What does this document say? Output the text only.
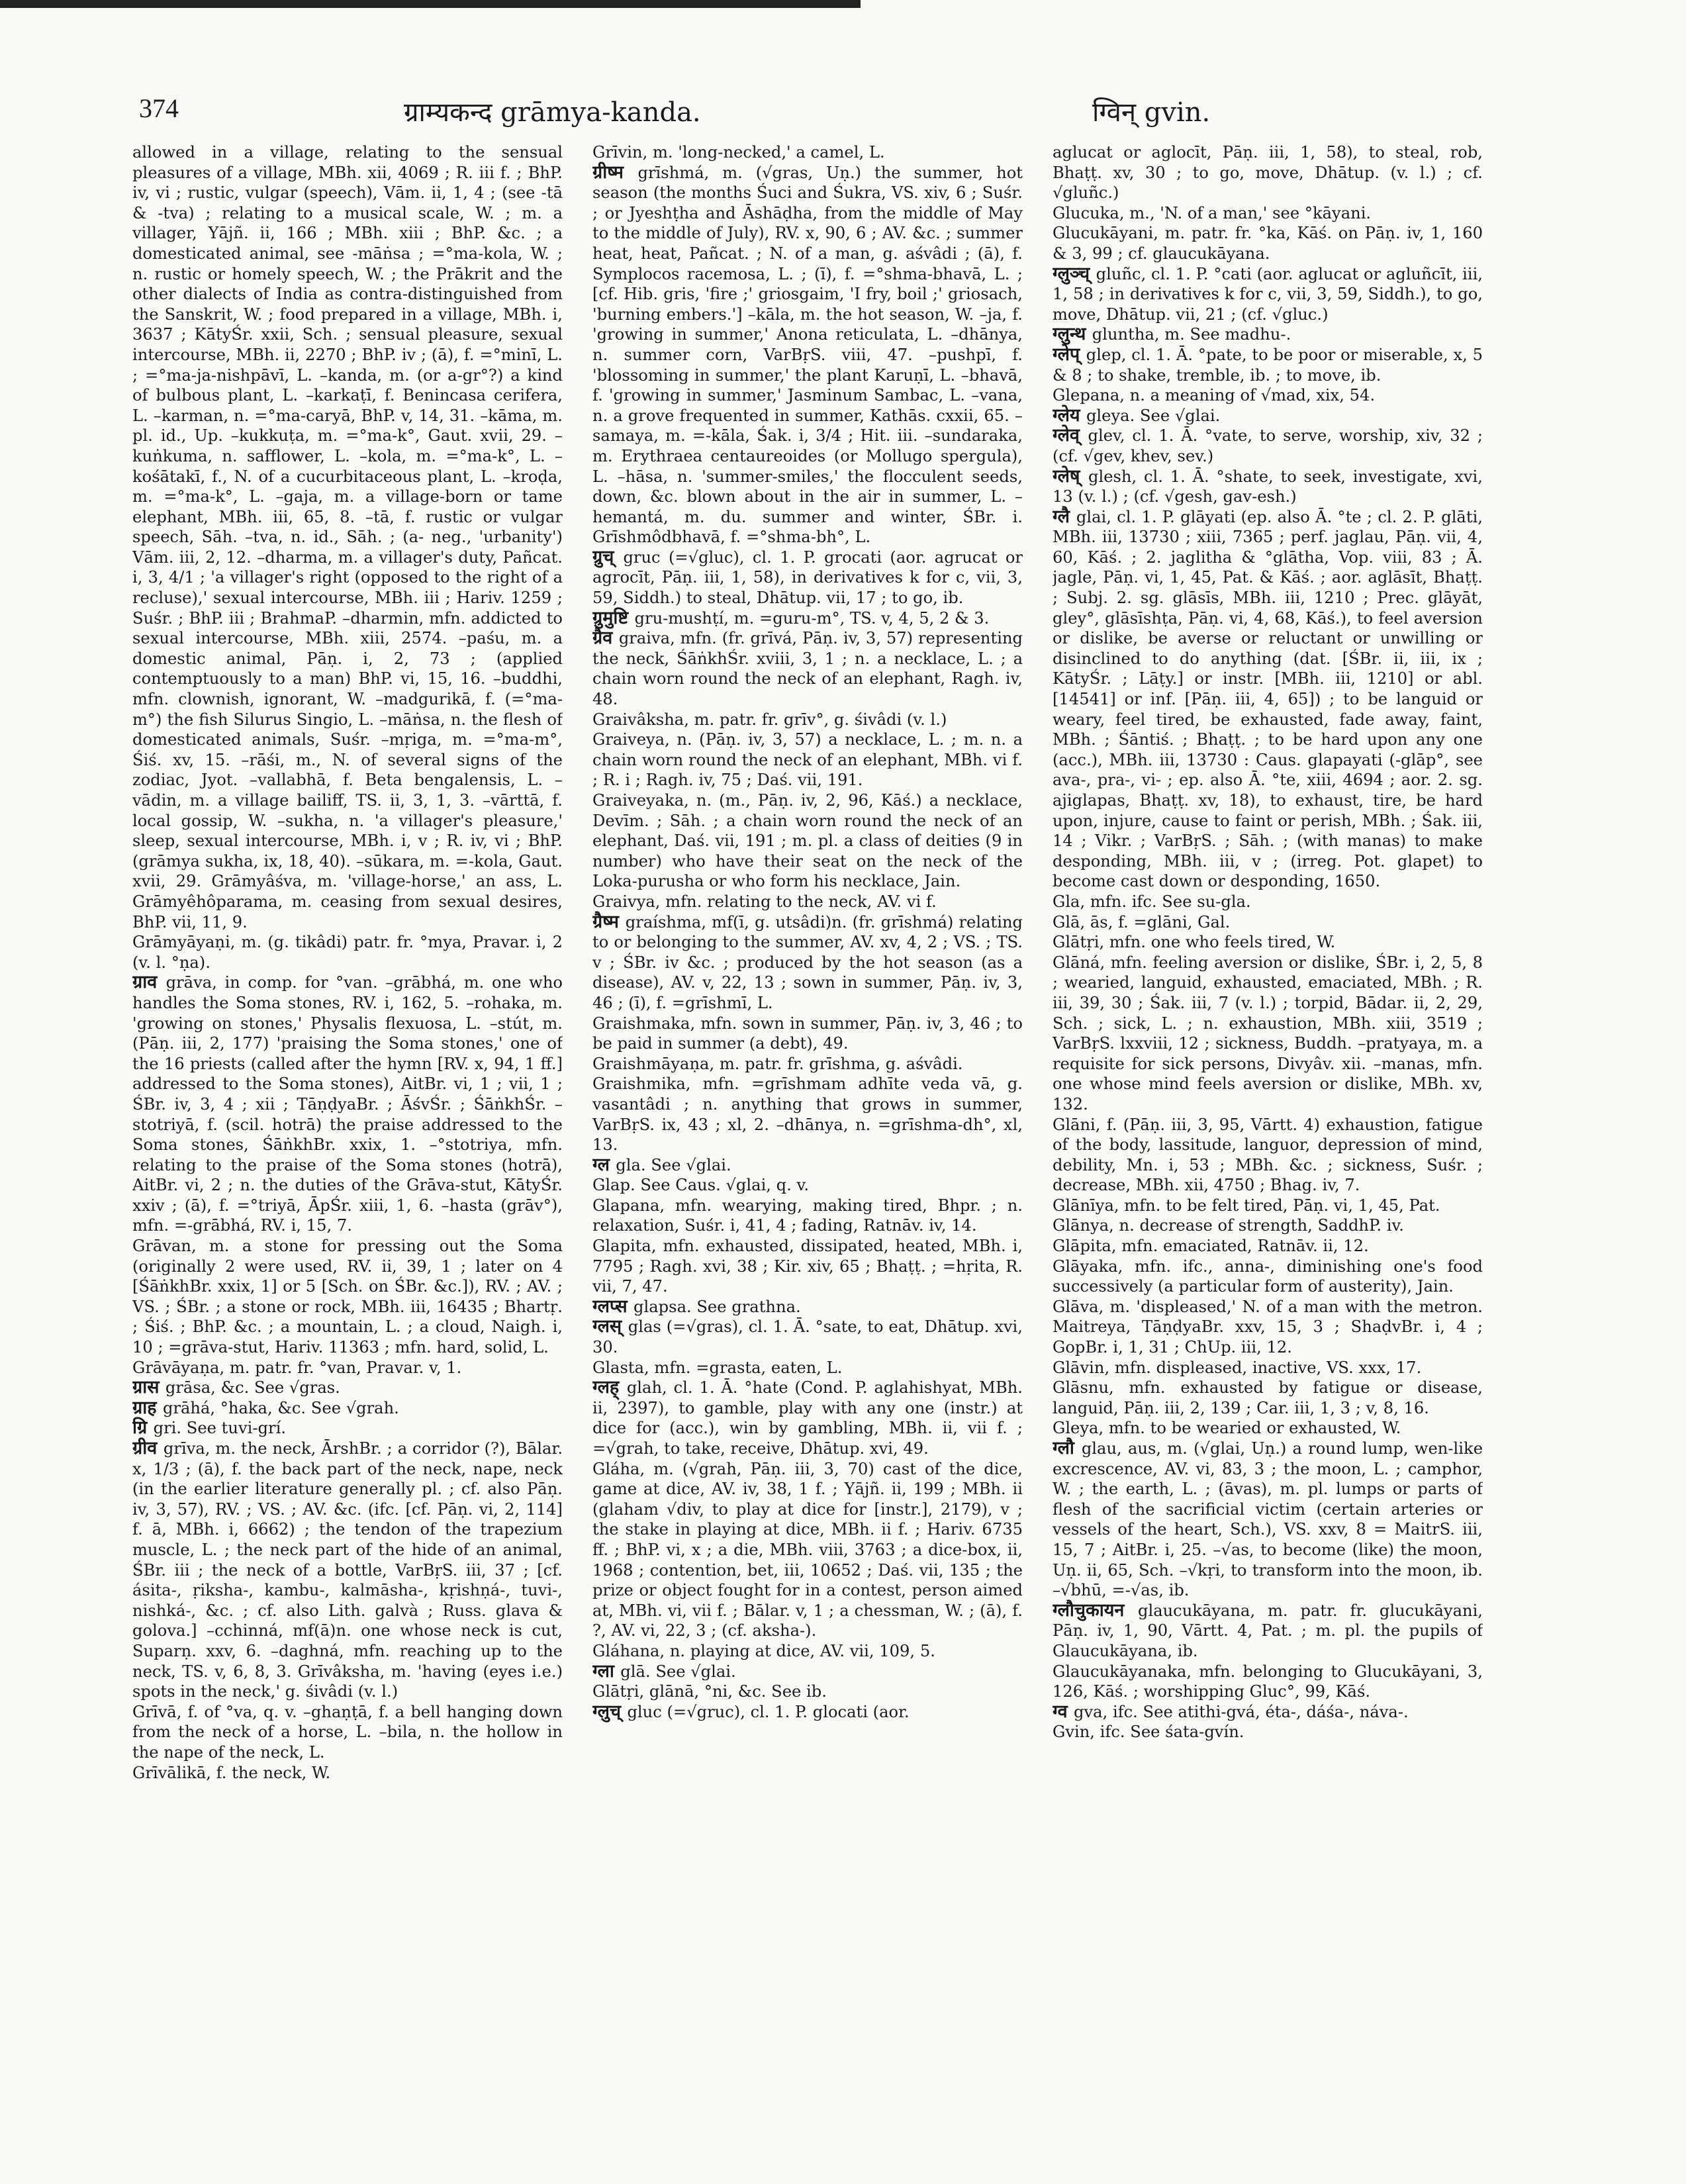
374	ग्राम्यकन्द grāmya-kanda.	ग्विन् gvin.

allowed in a village, relating to the sensual pleasures of a village, MBh. xii, 4069 ; R. iii f. ; BhP. iv, vi ; rustic, vulgar (speech), Vām. ii, 1, 4 ; (see -tā & -tva) ; relating to a musical scale, W. ; m. a villager, Yājñ. ii, 166 ; MBh. xiii ; BhP. &c. ; a domesticated animal, see -māṅsa ; =°ma-kola, W. ; n. rustic or homely speech, W. ; the Prākrit and the other dialects of India as contra-distinguished from the Sanskrit, W. ; food prepared in a village, MBh. i, 3637 ; KātyŚr. xxii, Sch. ; sensual pleasure, sexual intercourse, MBh. ii, 2270 ; BhP. iv ; (ā), f. =°minī, L. ; =°ma-ja-nishpāvī, L. –kanda, m. (or a-gr°?) a kind of bulbous plant, L. –karkaṭī, f. Benincasa cerifera, L. –karman, n. =°ma-caryā, BhP. v, 14, 31. –kāma, m. pl. id., Up. –kukkuṭa, m. =°ma-k°, Gaut. xvii, 29. –kuṅkuma, n. safflower, L. –kola, m. =°ma-k°, L. –kośātakī, f., N. of a cucurbitaceous plant, L. –kroḍa, m. =°ma-k°, L. –gaja, m. a village-born or tame elephant, MBh. iii, 65, 8. –tā, f. rustic or vulgar speech, Sāh. –tva, n. id., Sāh. ; (a- neg., 'urbanity') Vām. iii, 2, 12. –dharma, m. a villager's duty, Pañcat. i, 3, 4/1 ; 'a villager's right (opposed to the right of a recluse),' sexual intercourse, MBh. iii ; Hariv. 1259 ; Suśr. ; BhP. iii ; BrahmaP. –dharmin, mfn. addicted to sexual intercourse, MBh. xiii, 2574. –paśu, m. a domestic animal, Pāṇ. i, 2, 73 ; (applied contemptuously to a man) BhP. vi, 15, 16. –buddhi, mfn. clownish, ignorant, W. –madgurikā, f. (=°ma-m°) the fish Silurus Singio, L. –māṅsa, n. the flesh of domesticated animals, Suśr. –mṛiga, m. =°ma-m°, Śiś. xv, 15. –rāśi, m., N. of several signs of the zodiac, Jyot. –vallabhā, f. Beta bengalensis, L. –vādin, m. a village bailiff, TS. ii, 3, 1, 3. –vārttā, f. local gossip, W. –sukha, n. 'a villager's pleasure,' sleep, sexual intercourse, MBh. i, v ; R. iv, vi ; BhP. (grāmya sukha, ix, 18, 40). –sūkara, m. =-kola, Gaut. xvii, 29. Grāmyâśva, m. 'village-horse,' an ass, L. Grāmyêhôparama, m. ceasing from sexual desires, BhP. vii, 11, 9.

Grāmyāyaṇi, m. (g. tikâdi) patr. fr. °mya, Pravar. i, 2 (v. l. °ṇa).

ग्राव grāva, in comp. for °van. –grābhá, m. one who handles the Soma stones, RV. i, 162, 5. –rohaka, m. 'growing on stones,' Physalis flexuosa, L. –stút, m. (Pāṇ. iii, 2, 177) 'praising the Soma stones,' one of the 16 priests (called after the hymn [RV. x, 94, 1 ff.] addressed to the Soma stones), AitBr. vi, 1 ; vii, 1 ; ŚBr. iv, 3, 4 ; xii ; TāṇḍyaBr. ; ĀśvŚr. ; ŚāṅkhŚr. –stotriyā, f. (scil. hotrā) the praise addressed to the Soma stones, ŚāṅkhBr. xxix, 1. –°stotriya, mfn. relating to the praise of the Soma stones (hotrā), AitBr. vi, 2 ; n. the duties of the Grāva-stut, KātyŚr. xxiv ; (ā), f. =°triyā, ĀpŚr. xiii, 1, 6. –hasta (grāv°), mfn. =-grābhá, RV. i, 15, 7.

Grāvan, m. a stone for pressing out the Soma (originally 2 were used, RV. ii, 39, 1 ; later on 4 [ŚāṅkhBr. xxix, 1] or 5 [Sch. on ŚBr. &c.]), RV. ; AV. ; VS. ; ŚBr. ; a stone or rock, MBh. iii, 16435 ; Bhartṛ. ; Śiś. ; BhP. &c. ; a mountain, L. ; a cloud, Naigh. i, 10 ; =grāva-stut, Hariv. 11363 ; mfn. hard, solid, L.

Grāvāyaṇa, m. patr. fr. °van, Pravar. v, 1.

ग्रास grāsa, &c. See √gras.

ग्राह grāhá, °haka, &c. See √grah.

ग्रि gri. See tuvi-grí.

ग्रीव grīva, m. the neck, ĀrshBr. ; a corridor (?), Bālar. x, 1/3 ; (ā), f. the back part of the neck, nape, neck (in the earlier literature generally pl. ; cf. also Pāṇ. iv, 3, 57), RV. ; VS. ; AV. &c. (ifc. [cf. Pāṇ. vi, 2, 114] f. ā, MBh. i, 6662) ; the tendon of the trapezium muscle, L. ; the neck part of the hide of an animal, ŚBr. iii ; the neck of a bottle, VarBṛS. iii, 37 ; [cf. ásita-, ṛiksha-, kambu-, kalmāsha-, kṛishṇá-, tuvi-, nishká-, &c. ; cf. also Lith. galvà ; Russ. glava & golova.] –cchinná, mf(ā)n. one whose neck is cut, Suparṇ. xxv, 6. –daghná, mfn. reaching up to the neck, TS. v, 6, 8, 3. Grīvâksha, m. 'having (eyes i.e.) spots in the neck,' g. śivâdi (v. l.)

Grīvā, f. of °va, q. v. –ghaṇṭā, f. a bell hanging down from the neck of a horse, L. –bila, n. the hollow in the nape of the neck, L.

Grīvālikā, f. the neck, W.

Grīvin, m. 'long-necked,' a camel, L.

ग्रीष्म grīshmá, m. (√gras, Uṇ.) the summer, hot season (the months Śuci and Śukra, VS. xiv, 6 ; Suśr. ; or Jyeshṭha and Āshāḍha, from the middle of May to the middle of July), RV. x, 90, 6 ; AV. &c. ; summer heat, heat, Pañcat. ; N. of a man, g. aśvâdi ; (ā), f. Symplocos racemosa, L. ; (ī), f. =°shma-bhavā, L. ; [cf. Hib. gris, 'fire ;' griosgaim, 'I fry, boil ;' griosach, 'burning embers.'] –kāla, m. the hot season, W. –ja, f. 'growing in summer,' Anona reticulata, L. –dhānya, n. summer corn, VarBṛS. viii, 47. –pushpī, f. 'blossoming in summer,' the plant Karuṇī, L. –bhavā, f. 'growing in summer,' Jasminum Sambac, L. –vana, n. a grove frequented in summer, Kathās. cxxii, 65. –samaya, m. =-kāla, Śak. i, 3/4 ; Hit. iii. –sundaraka, m. Erythraea centaureoides (or Mollugo spergula), L. –hāsa, n. 'summer-smiles,' the flocculent seeds, down, &c. blown about in the air in summer, L. –hemantá, m. du. summer and winter, ŚBr. i. Grīshmôdbhavā, f. =°shma-bh°, L.

ग्रुच् gruc (=√gluc), cl. 1. P. grocati (aor. agrucat or agrocīt, Pāṇ. iii, 1, 58), in derivatives k for c, vii, 3, 59, Siddh.) to steal, Dhātup. vii, 17 ; to go, ib.

ग्रुमुष्टि gru-mushṭí, m. =guru-m°, TS. v, 4, 5, 2 & 3.

ग्रैव graiva, mfn. (fr. grīvá, Pāṇ. iv, 3, 57) representing the neck, ŚāṅkhŚr. xviii, 3, 1 ; n. a necklace, L. ; a chain worn round the neck of an elephant, Ragh. iv, 48.

Graivâksha, m. patr. fr. grīv°, g. śivâdi (v. l.)

Graiveya, n. (Pāṇ. iv, 3, 57) a necklace, L. ; m. n. a chain worn round the neck of an elephant, MBh. vi f. ; R. i ; Ragh. iv, 75 ; Daś. vii, 191.

Graiveyaka, n. (m., Pāṇ. iv, 2, 96, Kāś.) a necklace, Devīm. ; Sāh. ; a chain worn round the neck of an elephant, Daś. vii, 191 ; m. pl. a class of deities (9 in number) who have their seat on the neck of the Loka-purusha or who form his necklace, Jain.

Graivya, mfn. relating to the neck, AV. vi f.

ग्रैष्म graíshma, mf(ī, g. utsâdi)n. (fr. grīshmá) relating to or belonging to the summer, AV. xv, 4, 2 ; VS. ; TS. v ; ŚBr. iv &c. ; produced by the hot season (as a disease), AV. v, 22, 13 ; sown in summer, Pāṇ. iv, 3, 46 ; (ī), f. =grīshmī, L.

Graishmaka, mfn. sown in summer, Pāṇ. iv, 3, 46 ; to be paid in summer (a debt), 49.

Graishmāyaṇa, m. patr. fr. grīshma, g. aśvâdi.

Graishmika, mfn. =grīshmam adhīte veda vā, g. vasantâdi ; n. anything that grows in summer, VarBṛS. ix, 43 ; xl, 2. –dhānya, n. =grīshma-dh°, xl, 13.

ग्ल gla. See √glai.

Glap. See Caus. √glai, q. v.

Glapana, mfn. wearying, making tired, Bhpr. ; n. relaxation, Suśr. i, 41, 4 ; fading, Ratnāv. iv, 14.

Glapita, mfn. exhausted, dissipated, heated, MBh. i, 7795 ; Ragh. xvi, 38 ; Kir. xiv, 65 ; Bhaṭṭ. ; =hṛita, R. vii, 7, 47.

ग्लप्स glapsa. See grathna.

ग्लस् glas (=√gras), cl. 1. Ā. °sate, to eat, Dhātup. xvi, 30.

Glasta, mfn. =grasta, eaten, L.

ग्लह् glah, cl. 1. Ā. °hate (Cond. P. aglahishyat, MBh. ii, 2397), to gamble, play with any one (instr.) at dice for (acc.), win by gambling, MBh. ii, vii f. ; =√grah, to take, receive, Dhātup. xvi, 49.

Gláha, m. (√grah, Pāṇ. iii, 3, 70) cast of the dice, game at dice, AV. iv, 38, 1 f. ; Yājñ. ii, 199 ; MBh. ii (glaham √div, to play at dice for [instr.], 2179), v ; the stake in playing at dice, MBh. ii f. ; Hariv. 6735 ff. ; BhP. vi, x ; a die, MBh. viii, 3763 ; a dice-box, ii, 1968 ; contention, bet, iii, 10652 ; Daś. vii, 135 ; the prize or object fought for in a contest, person aimed at, MBh. vi, vii f. ; Bālar. v, 1 ; a chessman, W. ; (ā), f. ?, AV. vi, 22, 3 ; (cf. aksha-).

Gláhana, n. playing at dice, AV. vii, 109, 5.

ग्ला glā. See √glai.

Glātṛi, glānā, °ni, &c. See ib.

ग्लुच् gluc (=√gruc), cl. 1. P. glocati (aor.

aglucat or aglocīt, Pāṇ. iii, 1, 58), to steal, rob, Bhaṭṭ. xv, 30 ; to go, move, Dhātup. (v. l.) ; cf. √gluñc.)

Glucuka, m., 'N. of a man,' see °kāyani.

Glucukāyani, m. patr. fr. °ka, Kāś. on Pāṇ. iv, 1, 160 & 3, 99 ; cf. glaucukāyana.

ग्लुञ्च् gluñc, cl. 1. P. °cati (aor. aglucat or agluñcīt, iii, 1, 58 ; in derivatives k for c, vii, 3, 59, Siddh.), to go, move, Dhātup. vii, 21 ; (cf. √gluc.)

ग्लुन्थ gluntha, m. See madhu-.

ग्लेप् glep, cl. 1. Ā. °pate, to be poor or miserable, x, 5 & 8 ; to shake, tremble, ib. ; to move, ib.

Glepana, n. a meaning of √mad, xix, 54.

ग्लेय gleya. See √glai.

ग्लेव् glev, cl. 1. Ā. °vate, to serve, worship, xiv, 32 ; (cf. √gev, khev, sev.)

ग्लेष् glesh, cl. 1. Ā. °shate, to seek, investigate, xvi, 13 (v. l.) ; (cf. √gesh, gav-esh.)

ग्लै glai, cl. 1. P. glāyati (ep. also Ā. °te ; cl. 2. P. glāti, MBh. iii, 13730 ; xiii, 7365 ; perf. jaglau, Pāṇ. vii, 4, 60, Kāś. ; 2. jaglitha & °glātha, Vop. viii, 83 ; Ā. jagle, Pāṇ. vi, 1, 45, Pat. & Kāś. ; aor. aglāsīt, Bhaṭṭ. ; Subj. 2. sg. glāsīs, MBh. iii, 1210 ; Prec. glāyāt, gley°, glāsīshṭa, Pāṇ. vi, 4, 68, Kāś.), to feel aversion or dislike, be averse or reluctant or unwilling or disinclined to do anything (dat. [ŚBr. ii, iii, ix ; KātyŚr. ; Lāṭy.] or instr. [MBh. iii, 1210] or abl. [14541] or inf. [Pāṇ. iii, 4, 65]) ; to be languid or weary, feel tired, be exhausted, fade away, faint, MBh. ; Śāntiś. ; Bhaṭṭ. ; to be hard upon any one (acc.), MBh. iii, 13730 : Caus. glapayati (-glāp°, see ava-, pra-, vi- ; ep. also Ā. °te, xiii, 4694 ; aor. 2. sg. ajiglapas, Bhaṭṭ. xv, 18), to exhaust, tire, be hard upon, injure, cause to faint or perish, MBh. ; Śak. iii, 14 ; Vikr. ; VarBṛS. ; Sāh. ; (with manas) to make desponding, MBh. iii, v ; (irreg. Pot. glapet) to become cast down or desponding, 1650.

Gla, mfn. ifc. See su-gla.

Glā, ās, f. =glāni, Gal.

Glātṛi, mfn. one who feels tired, W.

Glāná, mfn. feeling aversion or dislike, ŚBr. i, 2, 5, 8 ; wearied, languid, exhausted, emaciated, MBh. ; R. iii, 39, 30 ; Śak. iii, 7 (v. l.) ; torpid, Bādar. ii, 2, 29, Sch. ; sick, L. ; n. exhaustion, MBh. xiii, 3519 ; VarBṛS. lxxviii, 12 ; sickness, Buddh. –pratyaya, m. a requisite for sick persons, Divyâv. xii. –manas, mfn. one whose mind feels aversion or dislike, MBh. xv, 132.

Glāni, f. (Pāṇ. iii, 3, 95, Vārtt. 4) exhaustion, fatigue of the body, lassitude, languor, depression of mind, debility, Mn. i, 53 ; MBh. &c. ; sickness, Suśr. ; decrease, MBh. xii, 4750 ; Bhag. iv, 7.

Glānīya, mfn. to be felt tired, Pāṇ. vi, 1, 45, Pat.

Glānya, n. decrease of strength, SaddhP. iv.

Glāpita, mfn. emaciated, Ratnāv. ii, 12.

Glāyaka, mfn. ifc., anna-, diminishing one's food successively (a particular form of austerity), Jain.

Glāva, m. 'displeased,' N. of a man with the metron. Maitreya, TāṇḍyaBr. xxv, 15, 3 ; ShaḍvBr. i, 4 ; GopBr. i, 1, 31 ; ChUp. iii, 12.

Glāvin, mfn. displeased, inactive, VS. xxx, 17.

Glāsnu, mfn. exhausted by fatigue or disease, languid, Pāṇ. iii, 2, 139 ; Car. iii, 1, 3 ; v, 8, 16.

Gleya, mfn. to be wearied or exhausted, W.

ग्लौ glau, aus, m. (√glai, Uṇ.) a round lump, wen-like excrescence, AV. vi, 83, 3 ; the moon, L. ; camphor, W. ; the earth, L. ; (āvas), m. pl. lumps or parts of flesh of the sacrificial victim (certain arteries or vessels of the heart, Sch.), VS. xxv, 8 = MaitrS. iii, 15, 7 ; AitBr. i, 25. –√as, to become (like) the moon, Uṇ. ii, 65, Sch. –√kṛi, to transform into the moon, ib. –√bhū, =-√as, ib.

ग्लौचुकायन glaucukāyana, m. patr. fr. glucukāyani, Pāṇ. iv, 1, 90, Vārtt. 4, Pat. ; m. pl. the pupils of Glaucukāyana, ib.

Glaucukāyanaka, mfn. belonging to Glucukāyani, 3, 126, Kāś. ; worshipping Gluc°, 99, Kāś.

ग्व gva, ifc. See atithi-gvá, éta-, dáśa-, náva-.

Gvin, ifc. See śata-gvín.
